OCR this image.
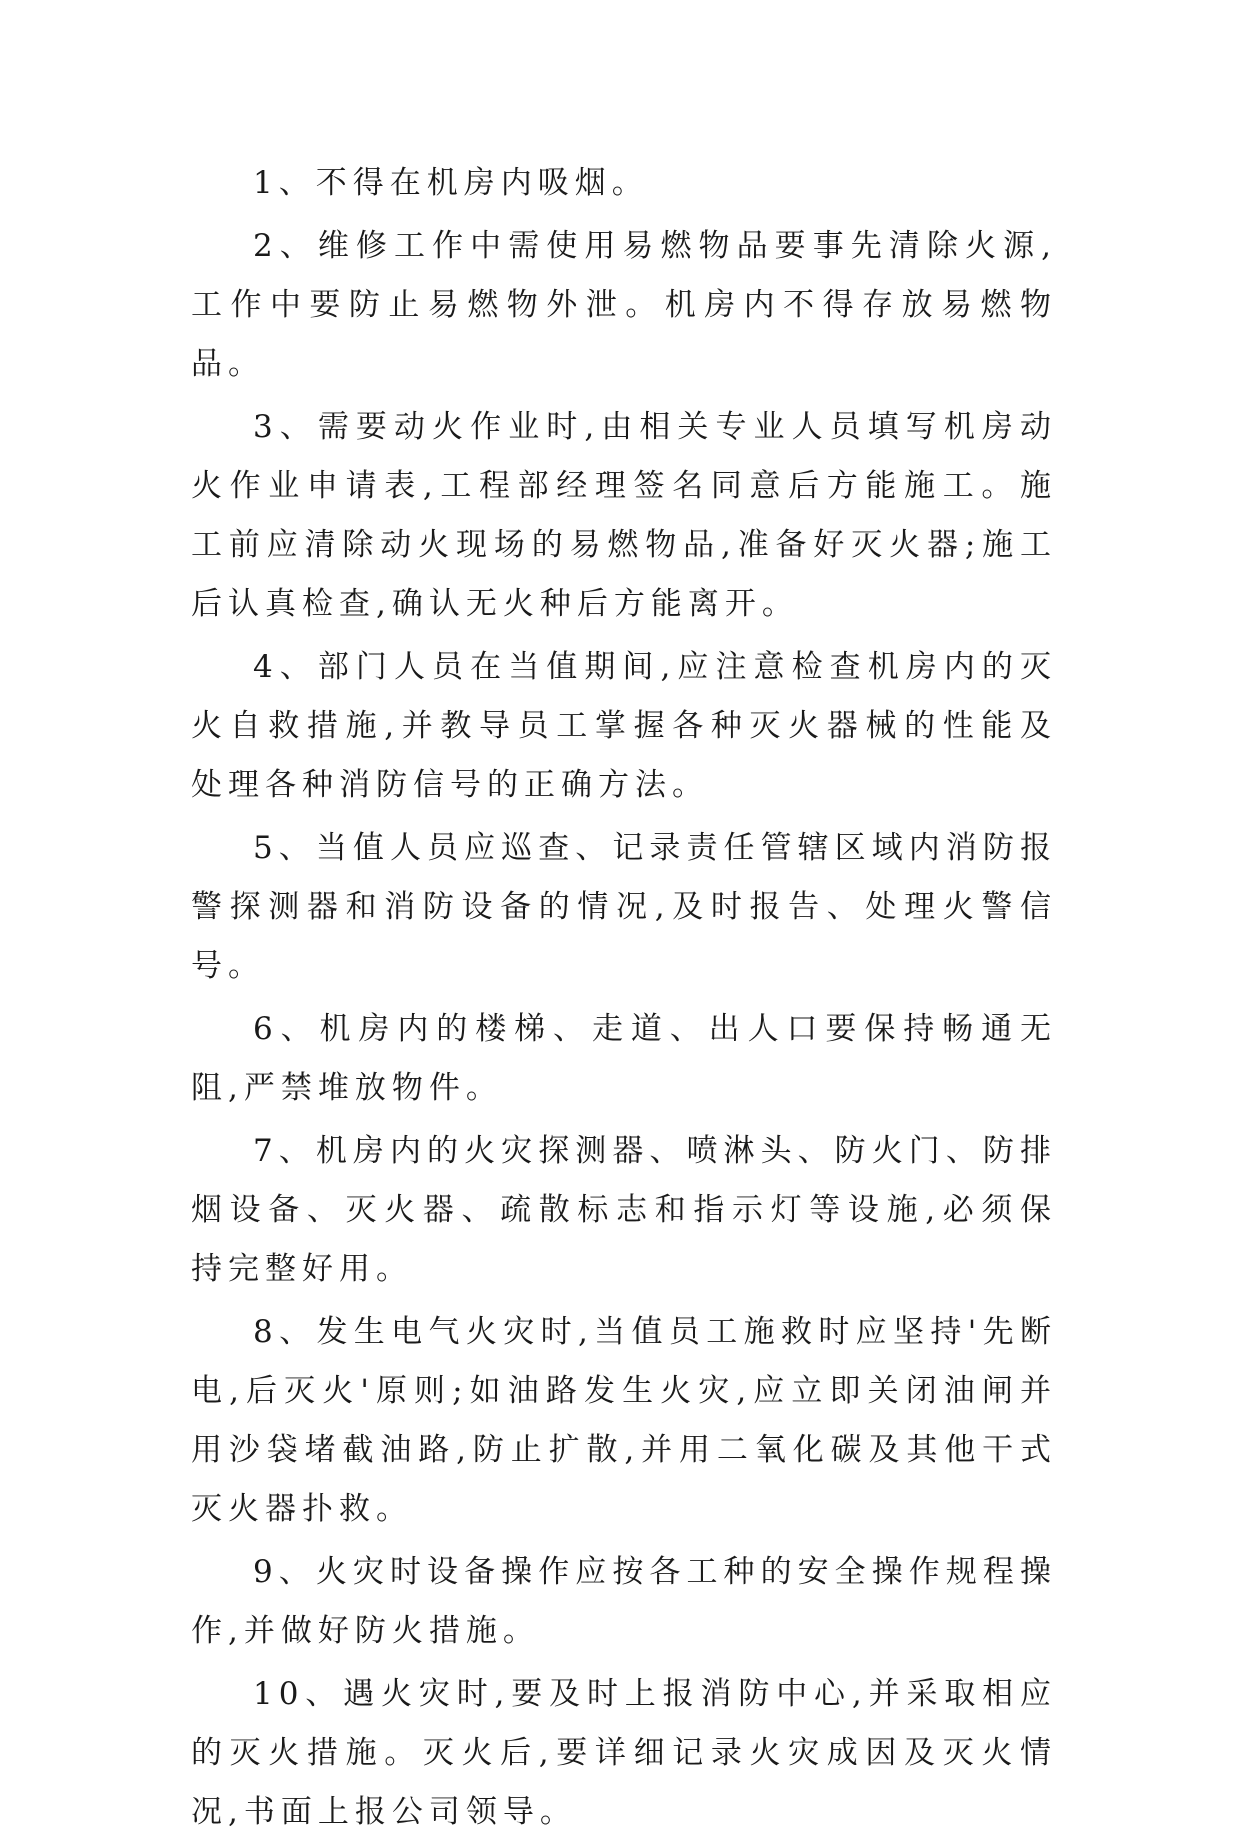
1、不得在机房内吸烟。

2、维修工作中需使用易燃物品要事先清除火源,工作中要防止易燃物外泄。机房内不得存放易燃物品。

3、需要动火作业时,由相关专业人员填写机房动火作业申请表,工程部经理签名同意后方能施工。施工前应清除动火现场的易燃物品,准备好灭火器;施工后认真检查,确认无火种后方能离开。

4、部门人员在当值期间,应注意检查机房内的灭火自救措施,并教导员工掌握各种灭火器械的性能及处理各种消防信号的正确方法。

5、当值人员应巡查、记录责任管辖区域内消防报警探测器和消防设备的情况,及时报告、处理火警信号。

6、机房内的楼梯、走道、出人口要保持畅通无阻,严禁堆放物件。

7、机房内的火灾探测器、喷淋头、防火门、防排烟设备、灭火器、疏散标志和指示灯等设施,必须保持完整好用。

8、发生电气火灾时,当值员工施救时应坚持'先断电,后灭火'原则;如油路发生火灾,应立即关闭油闸并用沙袋堵截油路,防止扩散,并用二氧化碳及其他干式灭火器扑救。

9、火灾时设备操作应按各工种的安全操作规程操作,并做好防火措施。

10、遇火灾时,要及时上报消防中心,并采取相应的灭火措施。灭火后,要详细记录火灾成因及灭火情况,书面上报公司领导。
